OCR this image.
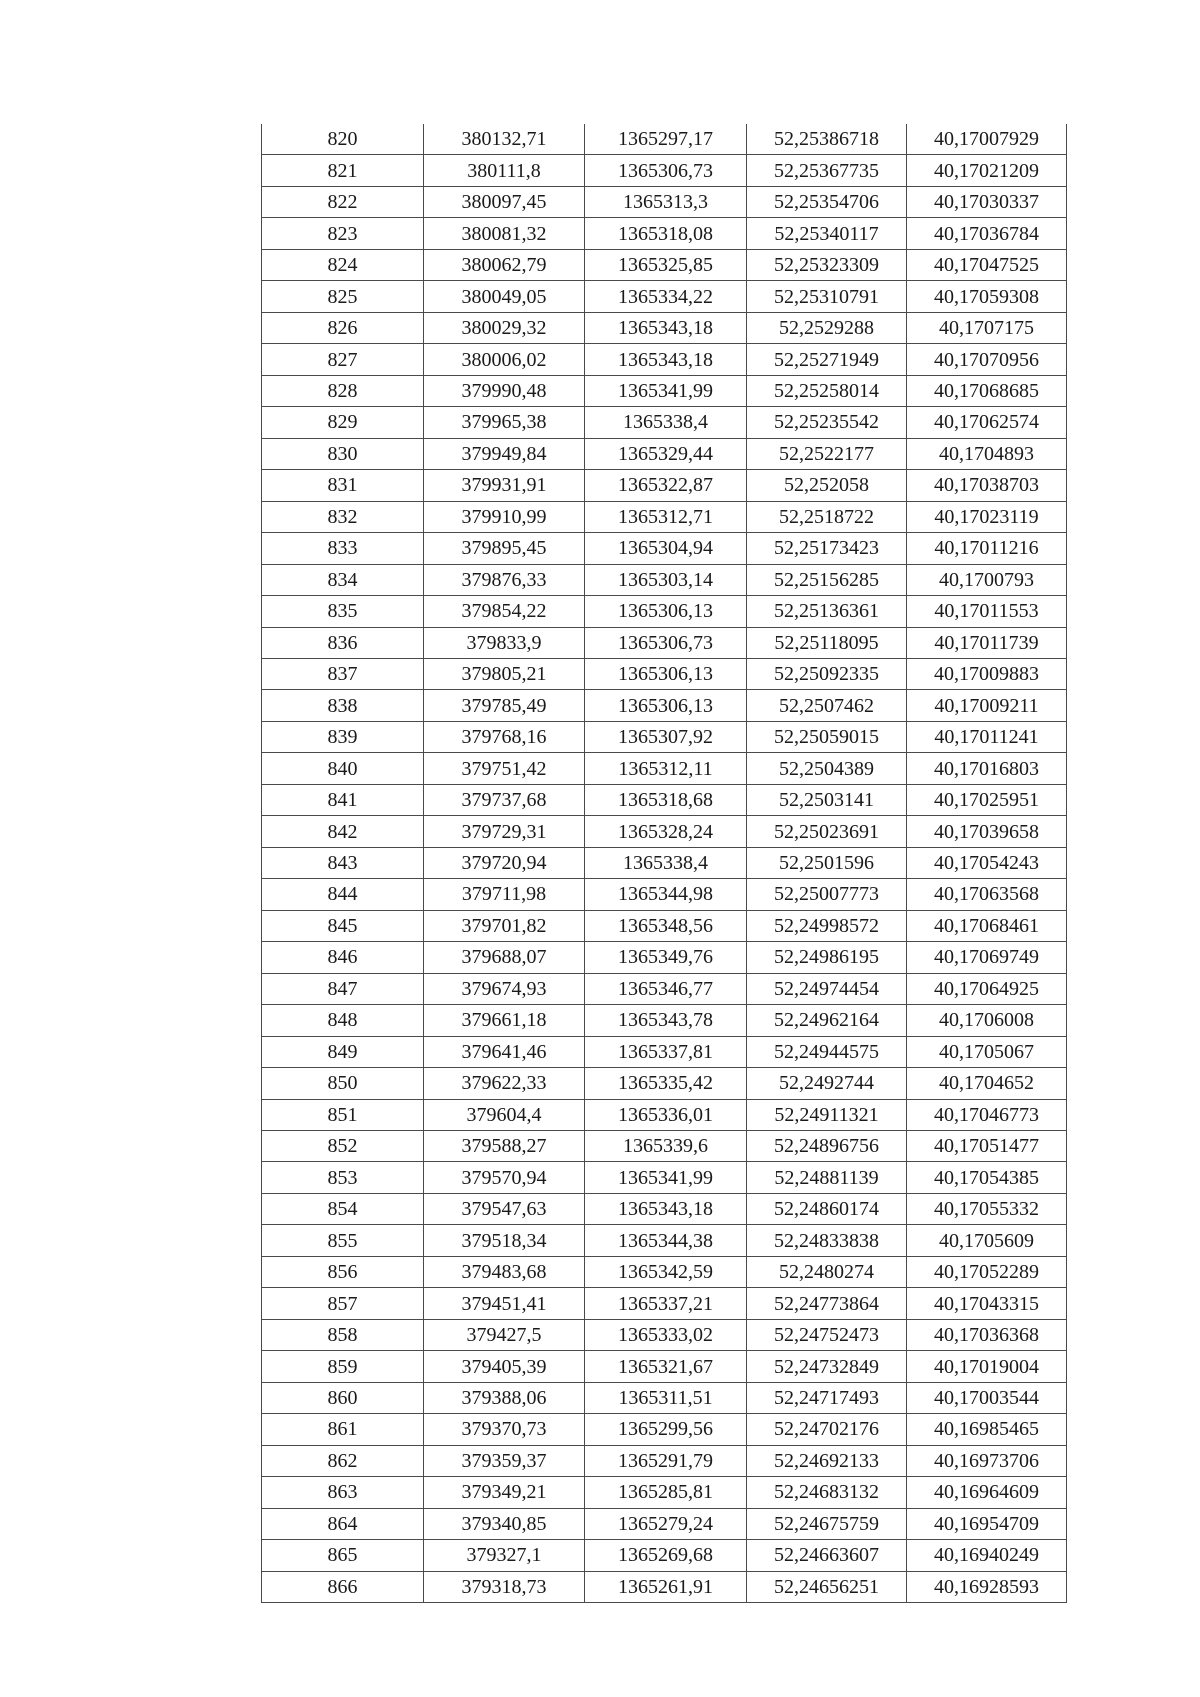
820	380132,71	1365297,17	52,25386718	40,17007929
821	380111,8	1365306,73	52,25367735	40,17021209
822	380097,45	1365313,3	52,25354706	40,17030337
823	380081,32	1365318,08	52,25340117	40,17036784
824	380062,79	1365325,85	52,25323309	40,17047525
825	380049,05	1365334,22	52,25310791	40,17059308
826	380029,32	1365343,18	52,2529288	40,1707175
827	380006,02	1365343,18	52,25271949	40,17070956
828	379990,48	1365341,99	52,25258014	40,17068685
829	379965,38	1365338,4	52,25235542	40,17062574
830	379949,84	1365329,44	52,2522177	40,1704893
831	379931,91	1365322,87	52,252058	40,17038703
832	379910,99	1365312,71	52,2518722	40,17023119
833	379895,45	1365304,94	52,25173423	40,17011216
834	379876,33	1365303,14	52,25156285	40,1700793
835	379854,22	1365306,13	52,25136361	40,17011553
836	379833,9	1365306,73	52,25118095	40,17011739
837	379805,21	1365306,13	52,25092335	40,17009883
838	379785,49	1365306,13	52,2507462	40,17009211
839	379768,16	1365307,92	52,25059015	40,17011241
840	379751,42	1365312,11	52,2504389	40,17016803
841	379737,68	1365318,68	52,2503141	40,17025951
842	379729,31	1365328,24	52,25023691	40,17039658
843	379720,94	1365338,4	52,2501596	40,17054243
844	379711,98	1365344,98	52,25007773	40,17063568
845	379701,82	1365348,56	52,24998572	40,17068461
846	379688,07	1365349,76	52,24986195	40,17069749
847	379674,93	1365346,77	52,24974454	40,17064925
848	379661,18	1365343,78	52,24962164	40,1706008
849	379641,46	1365337,81	52,24944575	40,1705067
850	379622,33	1365335,42	52,2492744	40,1704652
851	379604,4	1365336,01	52,24911321	40,17046773
852	379588,27	1365339,6	52,24896756	40,17051477
853	379570,94	1365341,99	52,24881139	40,17054385
854	379547,63	1365343,18	52,24860174	40,17055332
855	379518,34	1365344,38	52,24833838	40,1705609
856	379483,68	1365342,59	52,2480274	40,17052289
857	379451,41	1365337,21	52,24773864	40,17043315
858	379427,5	1365333,02	52,24752473	40,17036368
859	379405,39	1365321,67	52,24732849	40,17019004
860	379388,06	1365311,51	52,24717493	40,17003544
861	379370,73	1365299,56	52,24702176	40,16985465
862	379359,37	1365291,79	52,24692133	40,16973706
863	379349,21	1365285,81	52,24683132	40,16964609
864	379340,85	1365279,24	52,24675759	40,16954709
865	379327,1	1365269,68	52,24663607	40,16940249
866	379318,73	1365261,91	52,24656251	40,16928593
